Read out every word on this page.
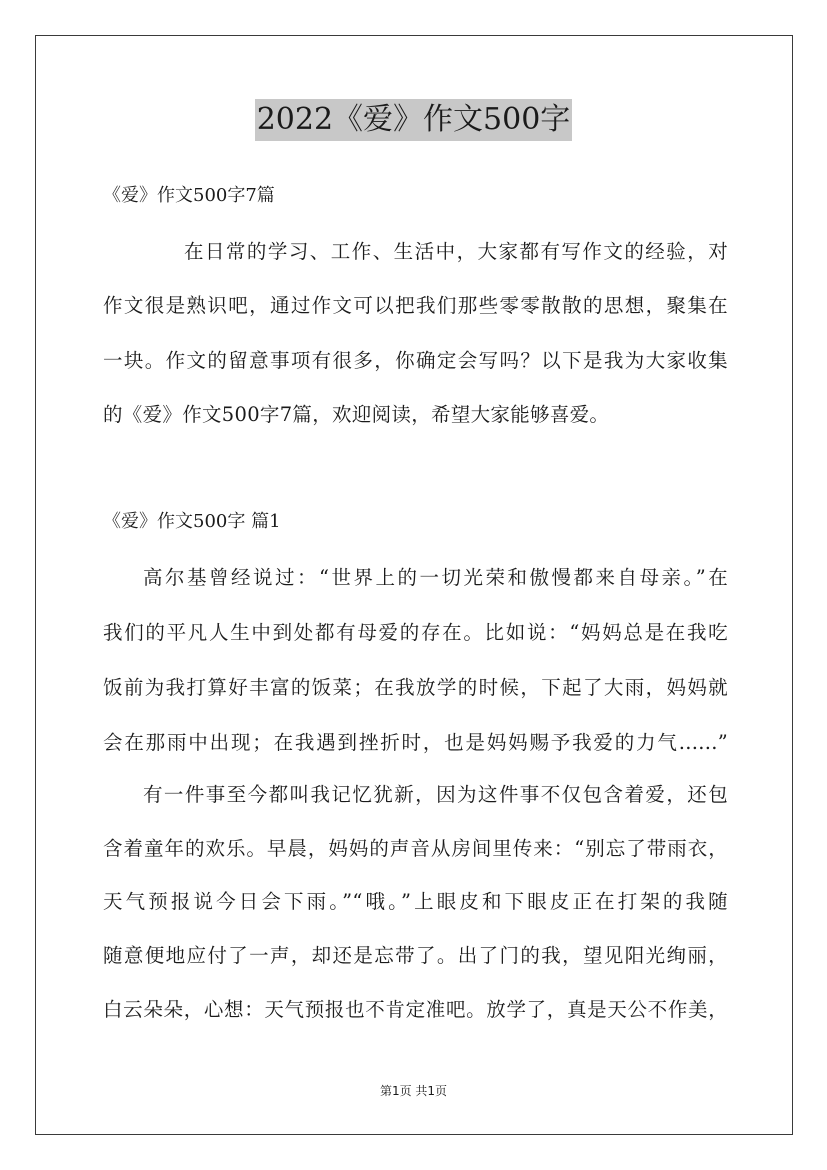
2022《爱》作文500字
《爱》作文500字7篇
在日常的学习、工作、生活中，大家都有写作文的经验，对
作文很是熟识吧，通过作文可以把我们那些零零散散的思想，聚集在
一块。作文的留意事项有很多，你确定会写吗？以下是我为大家收集
的《爱》作文500字7篇，欢迎阅读，希望大家能够喜爱。
《爱》作文500字 篇1
高尔基曾经说过：“世界上的一切光荣和傲慢都来自母亲。”在
我们的平凡人生中到处都有母爱的存在。比如说：“妈妈总是在我吃
饭前为我打算好丰富的饭菜；在我放学的时候，下起了大雨，妈妈就
会在那雨中出现；在我遇到挫折时，也是妈妈赐予我爱的力气......”
有一件事至今都叫我记忆犹新，因为这件事不仅包含着爱，还包
含着童年的欢乐。早晨，妈妈的声音从房间里传来：“别忘了带雨衣，
天气预报说今日会下雨。”“哦。”上眼皮和下眼皮正在打架的我随
随意便地应付了一声，却还是忘带了。出了门的我，望见阳光绚丽，
白云朵朵，心想：天气预报也不肯定准吧。放学了，真是天公不作美，
第1页 共1页
